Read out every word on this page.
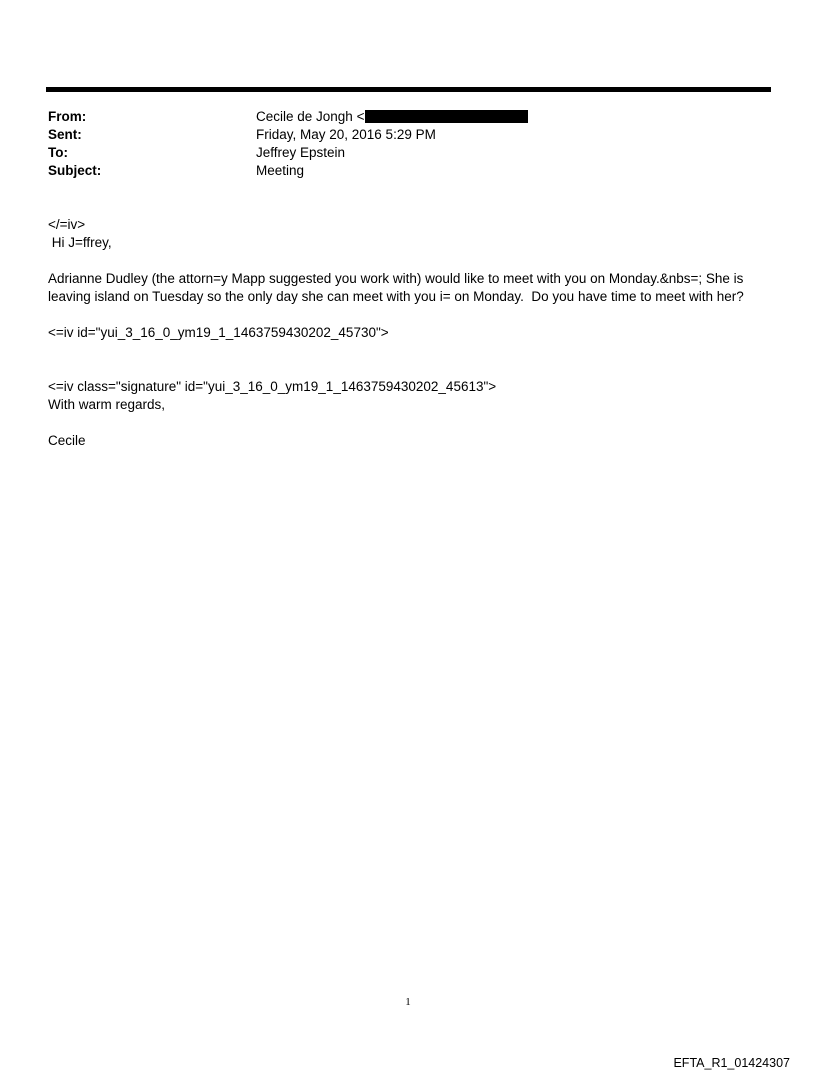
From:	Cecile de Jongh <
Sent:	Friday, May 20, 2016 5:29 PM
To:	Jeffrey Epstein
Subject:	Meeting

</=iv>

Hi J=ffrey,

Adrianne Dudley (the attorn=y Mapp suggested you work with) would like to meet with you on Monday.&nbs=; She is leaving island on Tuesday so the only day she can meet with you i= on Monday.  Do you have time to meet with her?

<=iv id="yui_3_16_0_ym19_1_1463759430202_45730">

<=iv class="signature" id="yui_3_16_0_ym19_1_1463759430202_45613">

With warm regards,

Cecile

1
EFTA_R1_01424307
